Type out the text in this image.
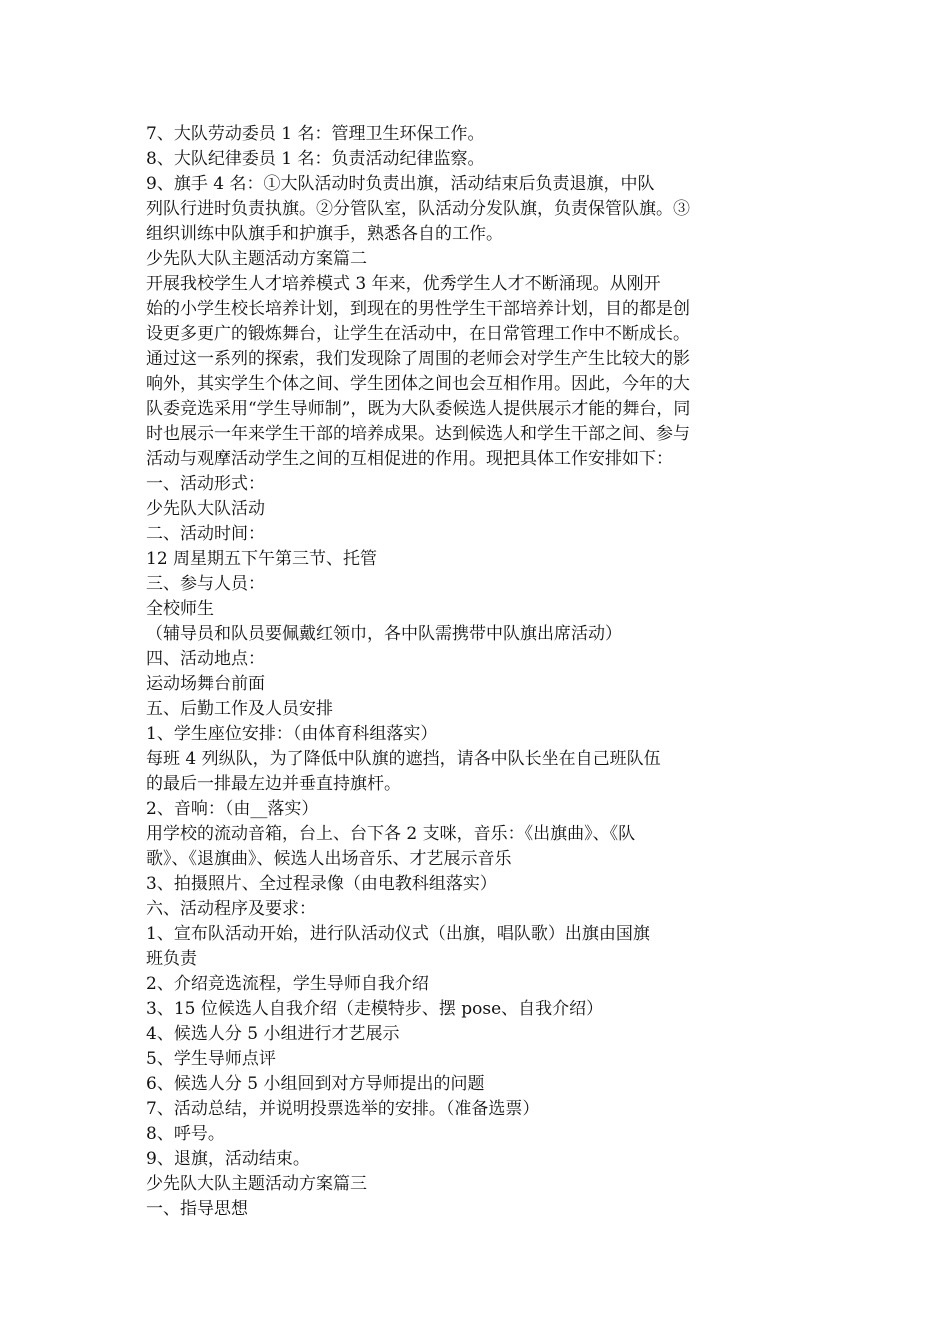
7、大队劳动委员 1 名：管理卫生环保工作。
8、大队纪律委员 1 名：负责活动纪律监察。
9、旗手 4 名：①大队活动时负责出旗，活动结束后负责退旗，中队
列队行进时负责执旗。②分管队室，队活动分发队旗，负责保管队旗。③
组织训练中队旗手和护旗手，熟悉各自的工作。
少先队大队主题活动方案篇二
开展我校学生人才培养模式 3 年来，优秀学生人才不断涌现。从刚开
始的小学生校长培养计划，到现在的男性学生干部培养计划，目的都是创
设更多更广的锻炼舞台，让学生在活动中，在日常管理工作中不断成长。
通过这一系列的探索，我们发现除了周围的老师会对学生产生比较大的影
响外，其实学生个体之间、学生团体之间也会互相作用。因此，今年的大
队委竞选采用“学生导师制”，既为大队委候选人提供展示才能的舞台，同
时也展示一年来学生干部的培养成果。达到候选人和学生干部之间、参与
活动与观摩活动学生之间的互相促进的作用。现把具体工作安排如下：
一、活动形式：
少先队大队活动
二、活动时间：
12 周星期五下午第三节、托管
三、参与人员：
全校师生
（辅导员和队员要佩戴红领巾，各中队需携带中队旗出席活动）
四、活动地点：
运动场舞台前面
五、后勤工作及人员安排
1、学生座位安排：（由体育科组落实）
每班 4 列纵队，为了降低中队旗的遮挡，请各中队长坐在自己班队伍
的最后一排最左边并垂直持旗杆。
2、音响：（由__落实）
用学校的流动音箱，台上、台下各 2 支咪，音乐：《出旗曲》、《队
歌》、《退旗曲》、候选人出场音乐、才艺展示音乐
3、拍摄照片、全过程录像（由电教科组落实）
六、活动程序及要求：
1、宣布队活动开始，进行队活动仪式（出旗，唱队歌）出旗由国旗
班负责
2、介绍竞选流程，学生导师自我介绍
3、15 位候选人自我介绍（走模特步、摆 pose、自我介绍）
4、候选人分 5 小组进行才艺展示
5、学生导师点评
6、候选人分 5 小组回到对方导师提出的问题
7、活动总结，并说明投票选举的安排。（准备选票）
8、呼号。
9、退旗，活动结束。
少先队大队主题活动方案篇三
一、指导思想
